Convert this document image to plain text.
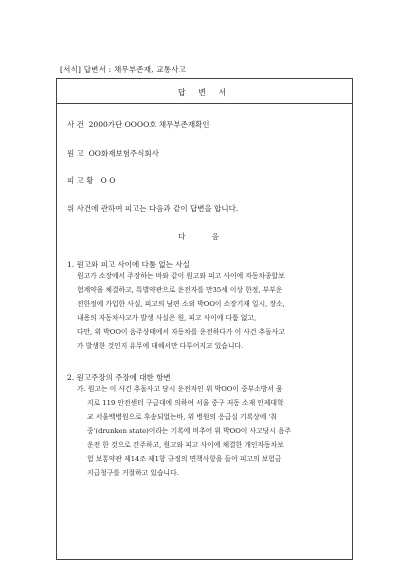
[서식] 답변서 : 채무부존재, 교통사고
답 변 서
사 건 2000가단 OOOO호 채무부존재확인
원 고 OO화재보험주식회사
피 고 황 O O
위 사건에 관하여 피고는 다음과 같이 답변을 합니다.
다 음
1. 원고와 피고 사이에 다툼 없는 사실
원고가 소장에서 주장하는 바와 같이 원고와 피고 사이에 자동차종합보
험계약을 체결하고, 특별약관으로 운전자를 만35세 이상 한정, 부부운
전한정에 가입한 사실, 피고의 남편 소외 박OO이 소장기재 일시, 장소,
내용의 자동차사고가 발생 사실은 원, 피고 사이에 다툼 없고,
다만, 위 박OO이 음주상태에서 자동차를 운전하다가 이 사건 추돌사고
가 발생한 것인지 유무에 대해서만 다투어지고 있습니다.
2. 원고주장의 주장에 대한 항변
가. 원고는 이 사건 추돌사고 당시 운전자인 위 박OO이 중부소방서 움
지로 119 안전센터 구급대에 의하여 서울 중구 저동 소재 인제대학
교 서울백병원으로 후송되었는바, 위 병원의 응급실 기록상에 '취
중'(drunken state)이라는 기록에 비추어 위 박OO이 사고당시 음주
운전 한 것으로 간주하고, 원고와 피고 사이에 체결한 개인자동차보
험 보통약관 제14조 제1항 규정의 면책사항을 들어 피고의 보험금
지급청구를 거절하고 있습니다.
